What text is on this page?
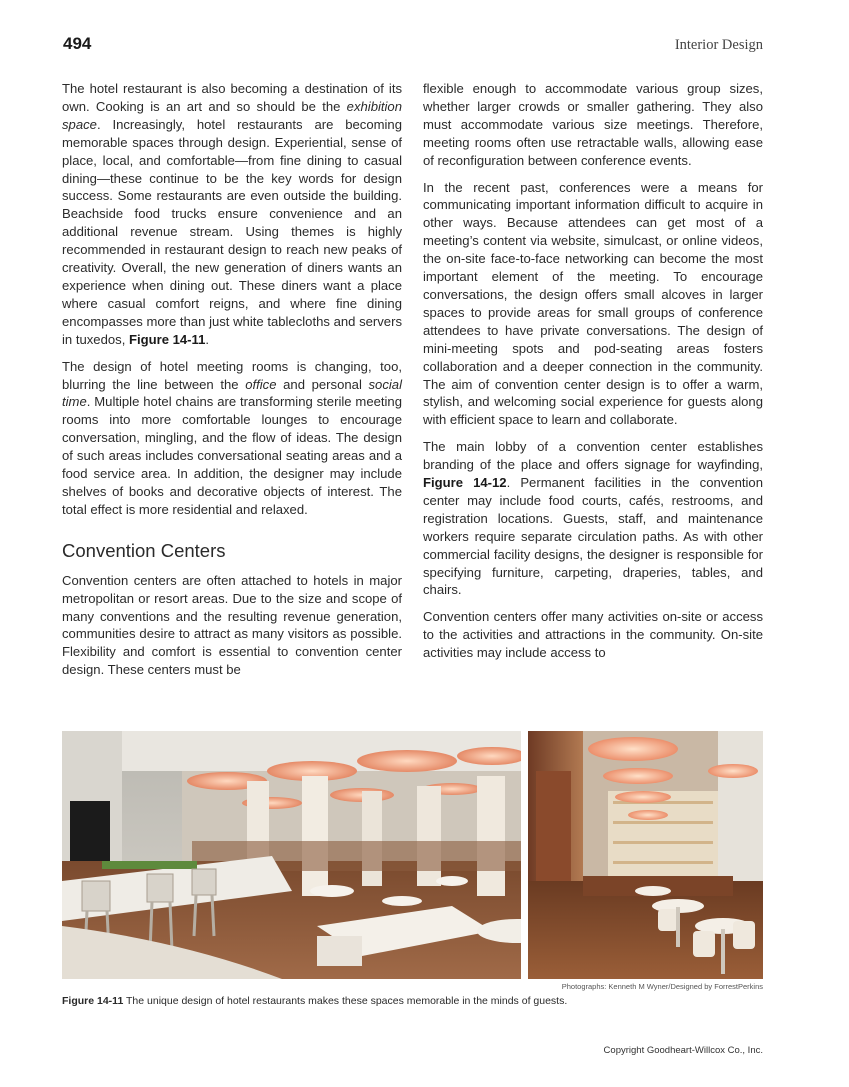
494	Interior Design

The hotel restaurant is also becoming a destination of its own. Cooking is an art and so should be the exhibition space. Increasingly, hotel restaurants are becoming memorable spaces through design. Experiential, sense of place, local, and comfortable—from fine dining to casual dining—these continue to be the key words for design success. Some restaurants are even outside the building. Beachside food trucks ensure convenience and an additional revenue stream. Using themes is highly recommended in restaurant design to reach new peaks of creativity. Overall, the new generation of diners wants an experience when dining out. These diners want a place where casual comfort reigns, and where fine dining encompasses more than just white tablecloths and servers in tuxedos, Figure 14-11.

The design of hotel meeting rooms is changing, too, blurring the line between the office and personal social time. Multiple hotel chains are transforming sterile meeting rooms into more comfortable lounges to encourage conversation, mingling, and the flow of ideas. The design of such areas includes conversational seating areas and a food service area. In addition, the designer may include shelves of books and decorative objects of interest. The total effect is more residential and relaxed.

Convention Centers

Convention centers are often attached to hotels in major metropolitan or resort areas. Due to the size and scope of many conventions and the resulting revenue generation, communities desire to attract as many visitors as possible. Flexibility and comfort is essential to convention center design. These centers must be

flexible enough to accommodate various group sizes, whether larger crowds or smaller gathering. They also must accommodate various size meetings. Therefore, meeting rooms often use retractable walls, allowing ease of reconfiguration between conference events.

In the recent past, conferences were a means for communicating important information difficult to acquire in other ways. Because attendees can get most of a meeting’s content via website, simulcast, or online videos, the on-site face-to-face networking can become the most important element of the meeting. To encourage conversations, the design offers small alcoves in larger spaces to provide areas for small groups of conference attendees to have private conversations. The design of mini-meeting spots and pod-seating areas fosters collaboration and a deeper connection in the community. The aim of convention center design is to offer a warm, stylish, and welcoming social experience for guests along with efficient space to learn and collaborate.

The main lobby of a convention center establishes branding of the place and offers signage for wayfinding, Figure 14-12. Permanent facilities in the convention center may include food courts, cafés, restrooms, and registration locations. Guests, staff, and maintenance workers require separate circulation paths. As with other commercial facility designs, the designer is responsible for specifying furniture, carpeting, draperies, tables, and chairs.

Convention centers offer many activities on-site or access to the activities and attractions in the community. On-site activities may include access to

Photographs: Kenneth M Wyner/Designed by ForrestPerkins
Figure 14-11 The unique design of hotel restaurants makes these spaces memorable in the minds of guests.
Copyright Goodheart-Willcox Co., Inc.
